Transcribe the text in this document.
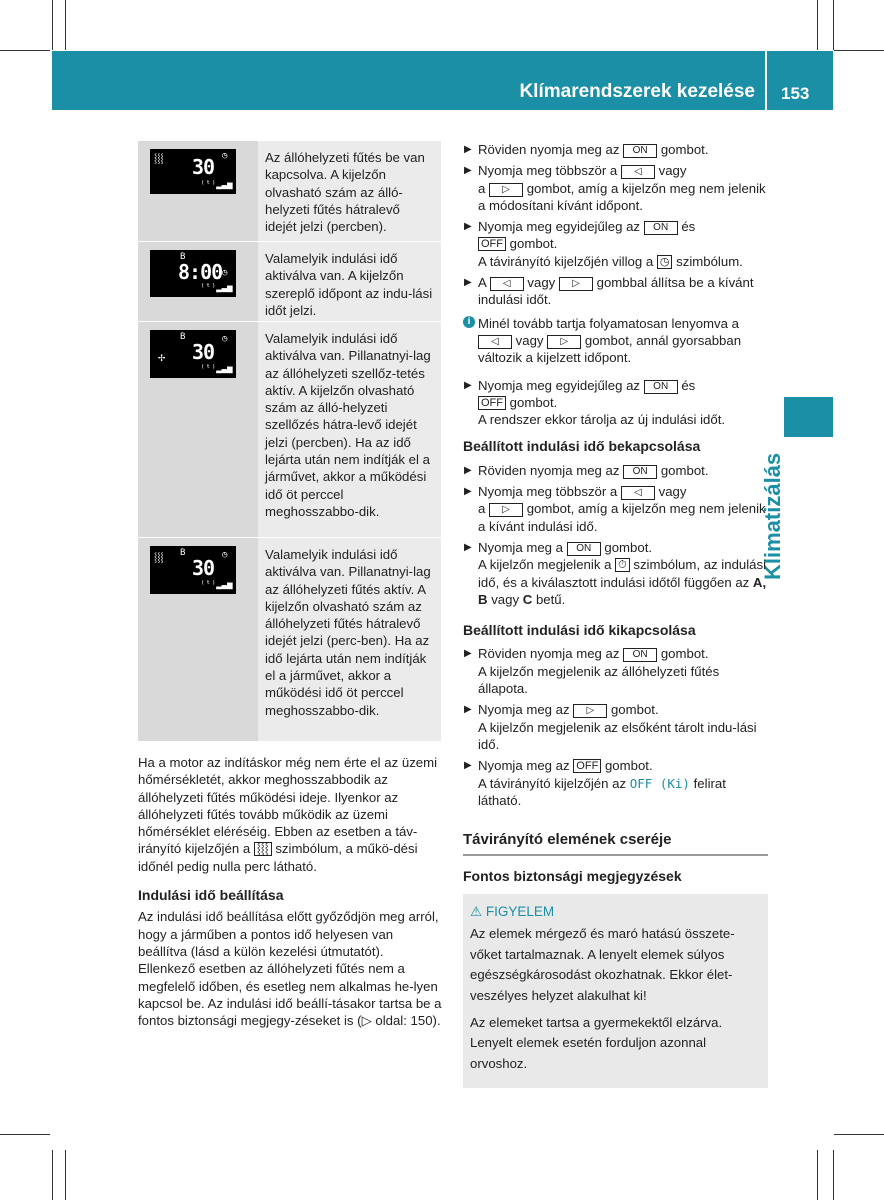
Klímarendszerek kezelése 153
Klimatizálás
⸾⸾⸾ 30 ◷
⁽ᵗ⁾▂▃▅
Az állóhelyzeti fűtés be van kapcsolva. A kijelzőn olvasható szám az álló-helyzeti fűtés hátralevő idejét jelzi (percben).
B
8:00 ◷
⁽ᵗ⁾▂▃▅
Valamelyik indulási idő aktiválva van. A kijelzőn szereplő időpont az indu-lási időt jelzi.
B
✢ 30
◷
⁽ᵗ⁾▂▃▅
Valamelyik indulási idő aktiválva van. Pillanatnyi-lag az állóhelyzeti szellőz-tetés aktív. A kijelzőn olvasható szám az álló-helyzeti szellőzés hátra-levő idejét jelzi (percben). Ha az idő lejárta után nem indítják el a járművet, akkor a működési idő öt perccel meghosszabbo-dik.
⸾⸾⸾ B
30
◷
⁽ᵗ⁾▂▃▅
Valamelyik indulási idő aktiválva van. Pillanatnyi-lag az állóhelyzeti fűtés aktív. A kijelzőn olvasható szám az állóhelyzeti fűtés hátralevő idejét jelzi (perc-ben). Ha az idő lejárta után nem indítják el a járművet, akkor a működési idő öt perccel meghosszabbo-dik.

Ha a motor az indításkor még nem érte el az üzemi hőmérsékletét, akkor meghosszabbodik az állóhelyzeti fűtés működési ideje. Ilyenkor az állóhelyzeti fűtés tovább működik az üzemi hőmérséklet eléréséig. Ebben az esetben a táv-irányító kijelzőjén a ⸾⸾⸾ szimbólum, a műkö-dési időnél pedig nulla perc látható.

Indulási idő beállítása

Az indulási idő beállítása előtt győződjön meg arról, hogy a járműben a pontos idő helyesen van beállítva (lásd a külön kezelési útmutatót). Ellenkező esetben az állóhelyzeti fűtés nem a megfelelő időben, és esetleg nem alkalmas he-lyen kapcsol be. Az indulási idő beállí-tásakor tartsa be a fontos biztonsági megjegy-zéseket is (▷ oldal: 150).

▶ Röviden nyomja meg az ON gombot.
▶ Nyomja meg többször a ◁ vagy
a ▷ gombot, amíg a kijelzőn meg nem jelenik a módosítani kívánt időpont.
▶ Nyomja meg egyidejűleg az ON és
OFF gombot.
A távirányító kijelzőjén villog a ◷ szimbólum.
▶ A ◁ vagy ▷ gombbal állítsa be a kívánt indulási időt.
i Minél tovább tartja folyamatosan lenyomva a ◁ vagy ▷ gombot, annál gyorsabban változik a kijelzett időpont.
▶ Nyomja meg egyidejűleg az ON és
OFF gombot.
A rendszer ekkor tárolja az új indulási időt.
Beállított indulási idő bekapcsolása
▶ Röviden nyomja meg az ON gombot.
▶ Nyomja meg többször a ◁ vagy
a ▷ gombot, amíg a kijelzőn meg nem jelenik a kívánt indulási idő.
▶ Nyomja meg a ON gombot.
A kijelzőn megjelenik a ⏱ szimbólum, az indulási idő, és a kiválasztott indulási időtől függően az A, B vagy C betű.
Beállított indulási idő kikapcsolása
▶ Röviden nyomja meg az ON gombot.
A kijelzőn megjelenik az állóhelyzeti fűtés állapota.
▶ Nyomja meg az ▷ gombot.
A kijelzőn megjelenik az elsőként tárolt indu-lási idő.
▶ Nyomja meg az OFF gombot.
A távirányító kijelzőjén az OFF (Ki) felirat látható.
Távirányító elemének cseréje
Fontos biztonsági megjegyzések
⚠ FIGYELEM

Az elemek mérgező és maró hatású összete-vőket tartalmaznak. A lenyelt elemek súlyos egészségkárosodást okozhatnak. Ekkor élet-veszélyes helyzet alakulhat ki!

Az elemeket tartsa a gyermekektől elzárva. Lenyelt elemek esetén forduljon azonnal orvoshoz.
